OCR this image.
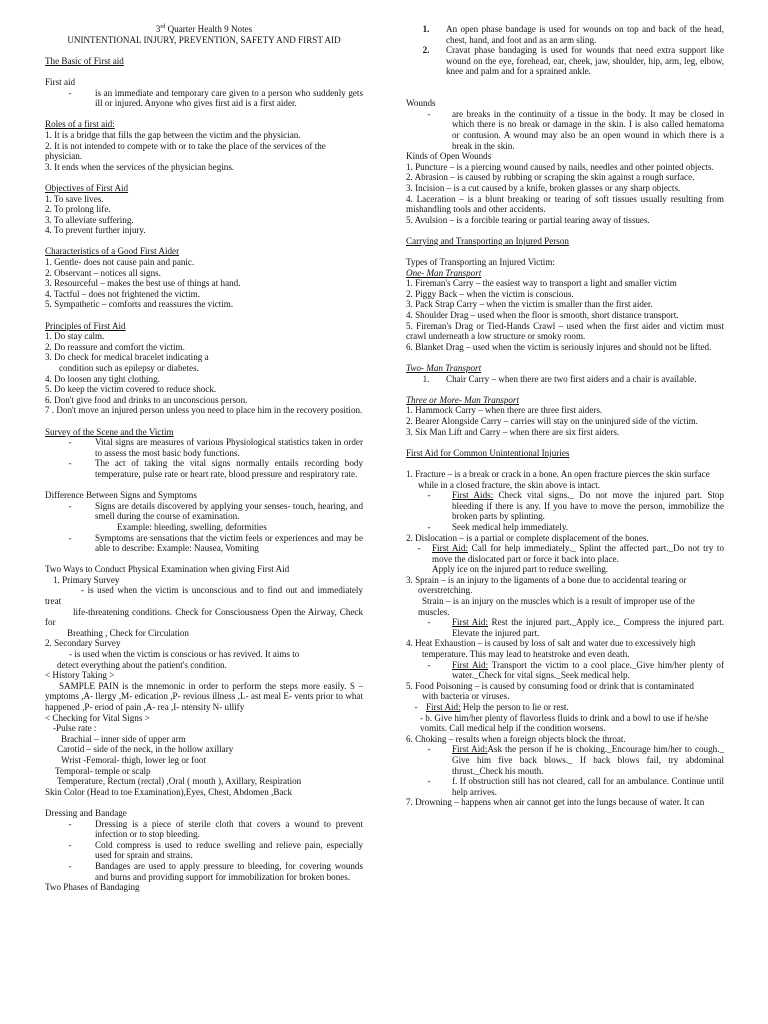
3rd Quarter Health 9 Notes
UNINTENTIONAL INJURY, PREVENTION, SAFETY AND FIRST AID
The Basic of First aid
First aid
-	is an immediate and temporary care given to a person who suddenly gets ill or injured. Anyone who gives first aid is a first aider.
Roles of a first aid:
1. It is a bridge that fills the gap between the victim and the physician.
2. It is not intended to compete with or to take the place of the services of the physician.
3. It ends when the services of the physician begins.
Objectives of First Aid
1. To save lives.
2. To prolong life.
3. To alleviate suffering.
4. To prevent further injury.
Characteristics of a Good First Aider
1. Gentle- does not cause pain and panic.
2. Observant – notices all signs.
3. Resourceful – makes the best use of things at hand.
4. Tactful – does not frightened the victim.
5. Sympathetic – comforts and reassures the victim.
Principles of First Aid
1. Do stay calm.
2. Do reassure and comfort the victim.
3. Do check for medical bracelet indicating a
condition such as epilepsy or diabetes.
4. Do loosen any tight clothing.
5. Do keep the victim covered to reduce shock.
6. Don't give food and drinks to an unconscious person.
7 . Don't move an injured person unless you need to place him in the recovery position.
Survey of the Scene and the Victim
-	Vital signs are measures of various Physiological statistics taken in order to assess the most basic body functions.
-	The act of taking the vital signs normally entails recording body temperature, pulse rate or heart rate, blood pressure and respiratory rate.
Difference Between Signs and Symptoms
-	Signs are details discovered by applying your senses- touch, hearing, and smell during the course of examination.
Example: bleeding, swelling, deformities
-	Symptoms are sensations that the victim feels or experiences and may be able to describe: Example: Nausea, Vomiting
Two Ways to Conduct Physical Examination when giving First Aid
1. Primary Survey
- is used when the victim is unconscious and to find out and immediately treat
life-threatening conditions. Check for Consciousness Open the Airway, Check for
Breathing , Check for Circulation
2. Secondary Survey
- is used when the victim is conscious or has revived. It aims to
detect everything about the patient's condition.
< History Taking >
SAMPLE PAIN is the mnemonic in order to perform the steps more easily. S – ymptoms ,A- llergy ,M- edication ,P- revious illness ,L- ast meal E- vents prior to what happened ,P- eriod of pain ,A- rea ,I- ntensity N- ullify
< Checking for Vital Signs >
-Pulse rate :
Brachial – inner side of upper arm
Carotid – side of the neck, in the hollow axillary
Wrist -Femoral- thigh, lower leg or foot
Temporal- temple or scalp
Temperature, Rectum (rectal) ,Oral ( mouth ), Axillary, Respiration
Skin Color (Head to toe Examination),Eyes, Chest, Abdomen ,Back
Dressing and Bandage
-	Dressing is a piece of sterile cloth that covers a wound to prevent infection or to stop bleeding.
-	Cold compress is used to reduce swelling and relieve pain, especially used for sprain and strains.
-	Bandages are used to apply pressure to bleeding, for covering wounds and burns and providing support for immobilization for broken bones.
Two Phases of Bandaging
1.	An open phase bandage is used for wounds on top and back of the head, chest, hand, and foot and as an arm sling.
2.	Cravat phase bandaging is used for wounds that need extra support like wound on the eye, forehead, ear, cheek, jaw, shoulder, hip, arm, leg, elbow, knee and palm and for a sprained ankle.
Wounds
-	are breaks in the continuity of a tissue in the body. It may be closed in which there is no break or damage in the skin. I is also called hematoma or contusion. A wound may also be an open wound in which there is a break in the skin.
Kinds of Open Wounds
1. Puncture – is a piercing wound caused by nails, needles and other pointed objects.
2. Abrasion – is caused by rubbing or scraping the skin against a rough surface.
3. Incision – is a cut caused by a knife, broken glasses or any sharp objects.
4. Laceration – is a blunt breaking or tearing of soft tissues usually resulting from mishandling tools and other accidents.
5. Avulsion – is a forcible tearing or partial tearing away of tissues.
Carrying and Transporting an Injured Person
Types of Transporting an Injured Victim:
One- Man Transport
1. Fireman's Carry – the easiest way to transport a light and smaller victim
2. Piggy Back – when the victim is conscious.
3. Pack Strap Carry – when the victim is smaller than the first aider.
4. Shoulder Drag – used when the floor is smooth, short distance transport.
5. Fireman's Drag or Tied-Hands Crawl – used when the first aider and victim must crawl underneath a low structure or smoky room.
6. Blanket Drag – used when the victim is seriously injures and should not be lifted.
Two- Man Transport
1.	Chair Carry – when there are two first aiders and a chair is available.
Three or More- Man Transport
1. Hammock Carry – when there are three first aiders.
2. Bearer Alongside Carry – carries will stay on the uninjured side of the victim.
3. Six Man Lift and Carry – when there are six first aiders.
First Aid for Common Unintentional Injuries
1. Fracture – is a break or crack in a bone. An open fracture pierces the skin surface
while in a closed fracture, the skin above is intact.
-	First Aids: Check vital signs._ Do not move the injured part. Stop bleeding if there is any. If you have to move the person, immobilize the broken parts by splinting.
-	Seek medical help immediately.
2. Dislocation – is a partial or complete displacement of the bones.
-	First Aid: Call for help immediately._ Splint the affected part._Do not try to move the dislocated part or force it back into place.
Apply ice on the injured part to reduce swelling.
3. Sprain – is an injury to the ligaments of a bone due to accidental tearing or
overstretching.
Strain – is an injury on the muscles which is a result of improper use of the
muscles.
-	First Aid: Rest the injured part._Apply ice._ Compress the injured part. Elevate the injured part.
4. Heat Exhaustion – is caused by loss of salt and water due to excessively high
temperature. This may lead to heatstroke and even death.
-	First Aid: Transport the victim to a cool place._Give him/her plenty of water._Check for vital signs._Seek medical help.
5. Food Poisoning – is caused by consuming food or drink that is contaminated
with bacteria or viruses.
- First Aid: Help the person to lie or rest.
- b. Give him/her plenty of flavorless fluids to drink and a bowl to use if he/she vomits. Call medical help if the condition worsens.
6. Choking – results when a foreign objects block the throat.
-	First Aid:Ask the person if he is choking._Encourage him/her to cough._ Give him five back blows._ If back blows fail, try abdominal thrust._Check his mouth.
-	f. If obstruction still has not cleared, call for an ambulance. Continue until help arrives.
7. Drowning – happens when air cannot get into the lungs because of water. It can
